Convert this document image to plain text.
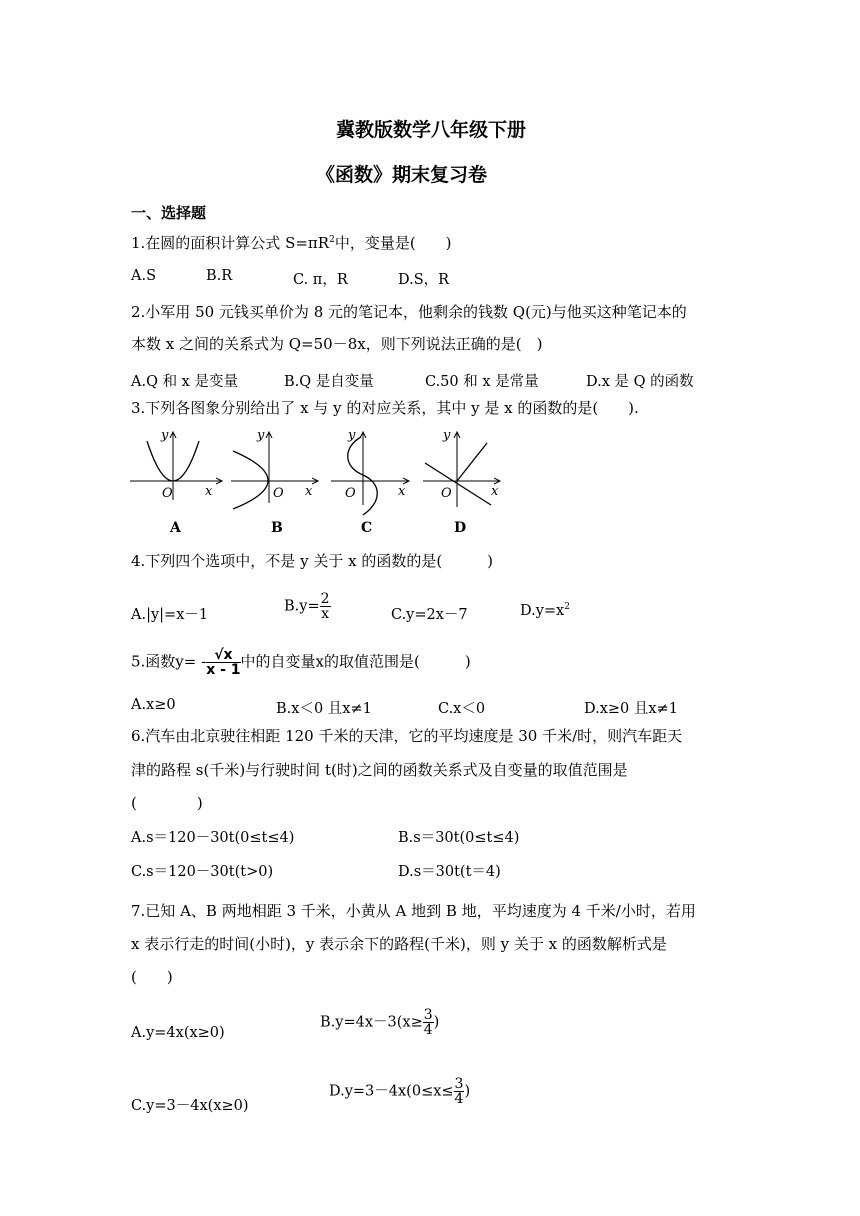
冀教版数学八年级下册
《函数》期末复习卷
一、选择题
1.在圆的面积计算公式 $S=\pi R^2$中，变量是(　　)
A.S	B.R	C. π，R	D.S，R
2.小军用 50 元钱买单价为 8 元的笔记本，他剩余的钱数 Q(元)与他买这种笔记本的
本数 x 之间的关系式为 Q=50－8x，则下列说法正确的是(　)
A.Q 和 x 是变量	B.Q 是自变量	C.50 和 x 是常量	D.x 是 Q 的函数
3.下列各图象分别给出了 x 与 y 的对应关系，其中 y 是 x 的函数的是(　　).
y
O x
A
y
O x
B
y
O	x
C
y
O	x
D
4.下列四个选项中，不是 y 关于 x 的函数的是(　　　)
A.|y|=x－1
$B.y= \frac{2}{x}$	C.y=2x－7	$D.y=x^2$
5.函数$y= - \frac{√x}{x - 1}$ 中的自变量x的取值范围是(　　　)
A.x≥0	B.x＜0 且x≠1	C.x＜0	D.x≥0 且x≠1
6.汽车由北京驶往相距 120 千米的天津，它的平均速度是 30 千米/时，则汽车距天
津的路程 s(千米)与行驶时间 t(时)之间的函数关系式及自变量的取值范围是
(　　　　)
A.s＝120－30t(0≤t≤4)	B.s＝30t(0≤t≤4)
C.s＝120－30t(t>0)	D.s＝30t(t＝4)
7.已知 A、B 两地相距 3 千米，小黄从 A 地到 B 地，平均速度为 4 千米/小时，若用
x 表示行走的时间(小时)，y 表示余下的路程(千米)，则 y 关于 x 的函数解析式是
(　　)
A.y=4x(x≥0)
$B.y=4x-3(x\ge \frac{3}{4}$ )
C.y=3－4x(x≥0)
$D.y=3-4x(0\le x\le \frac{3}{4}$ )
